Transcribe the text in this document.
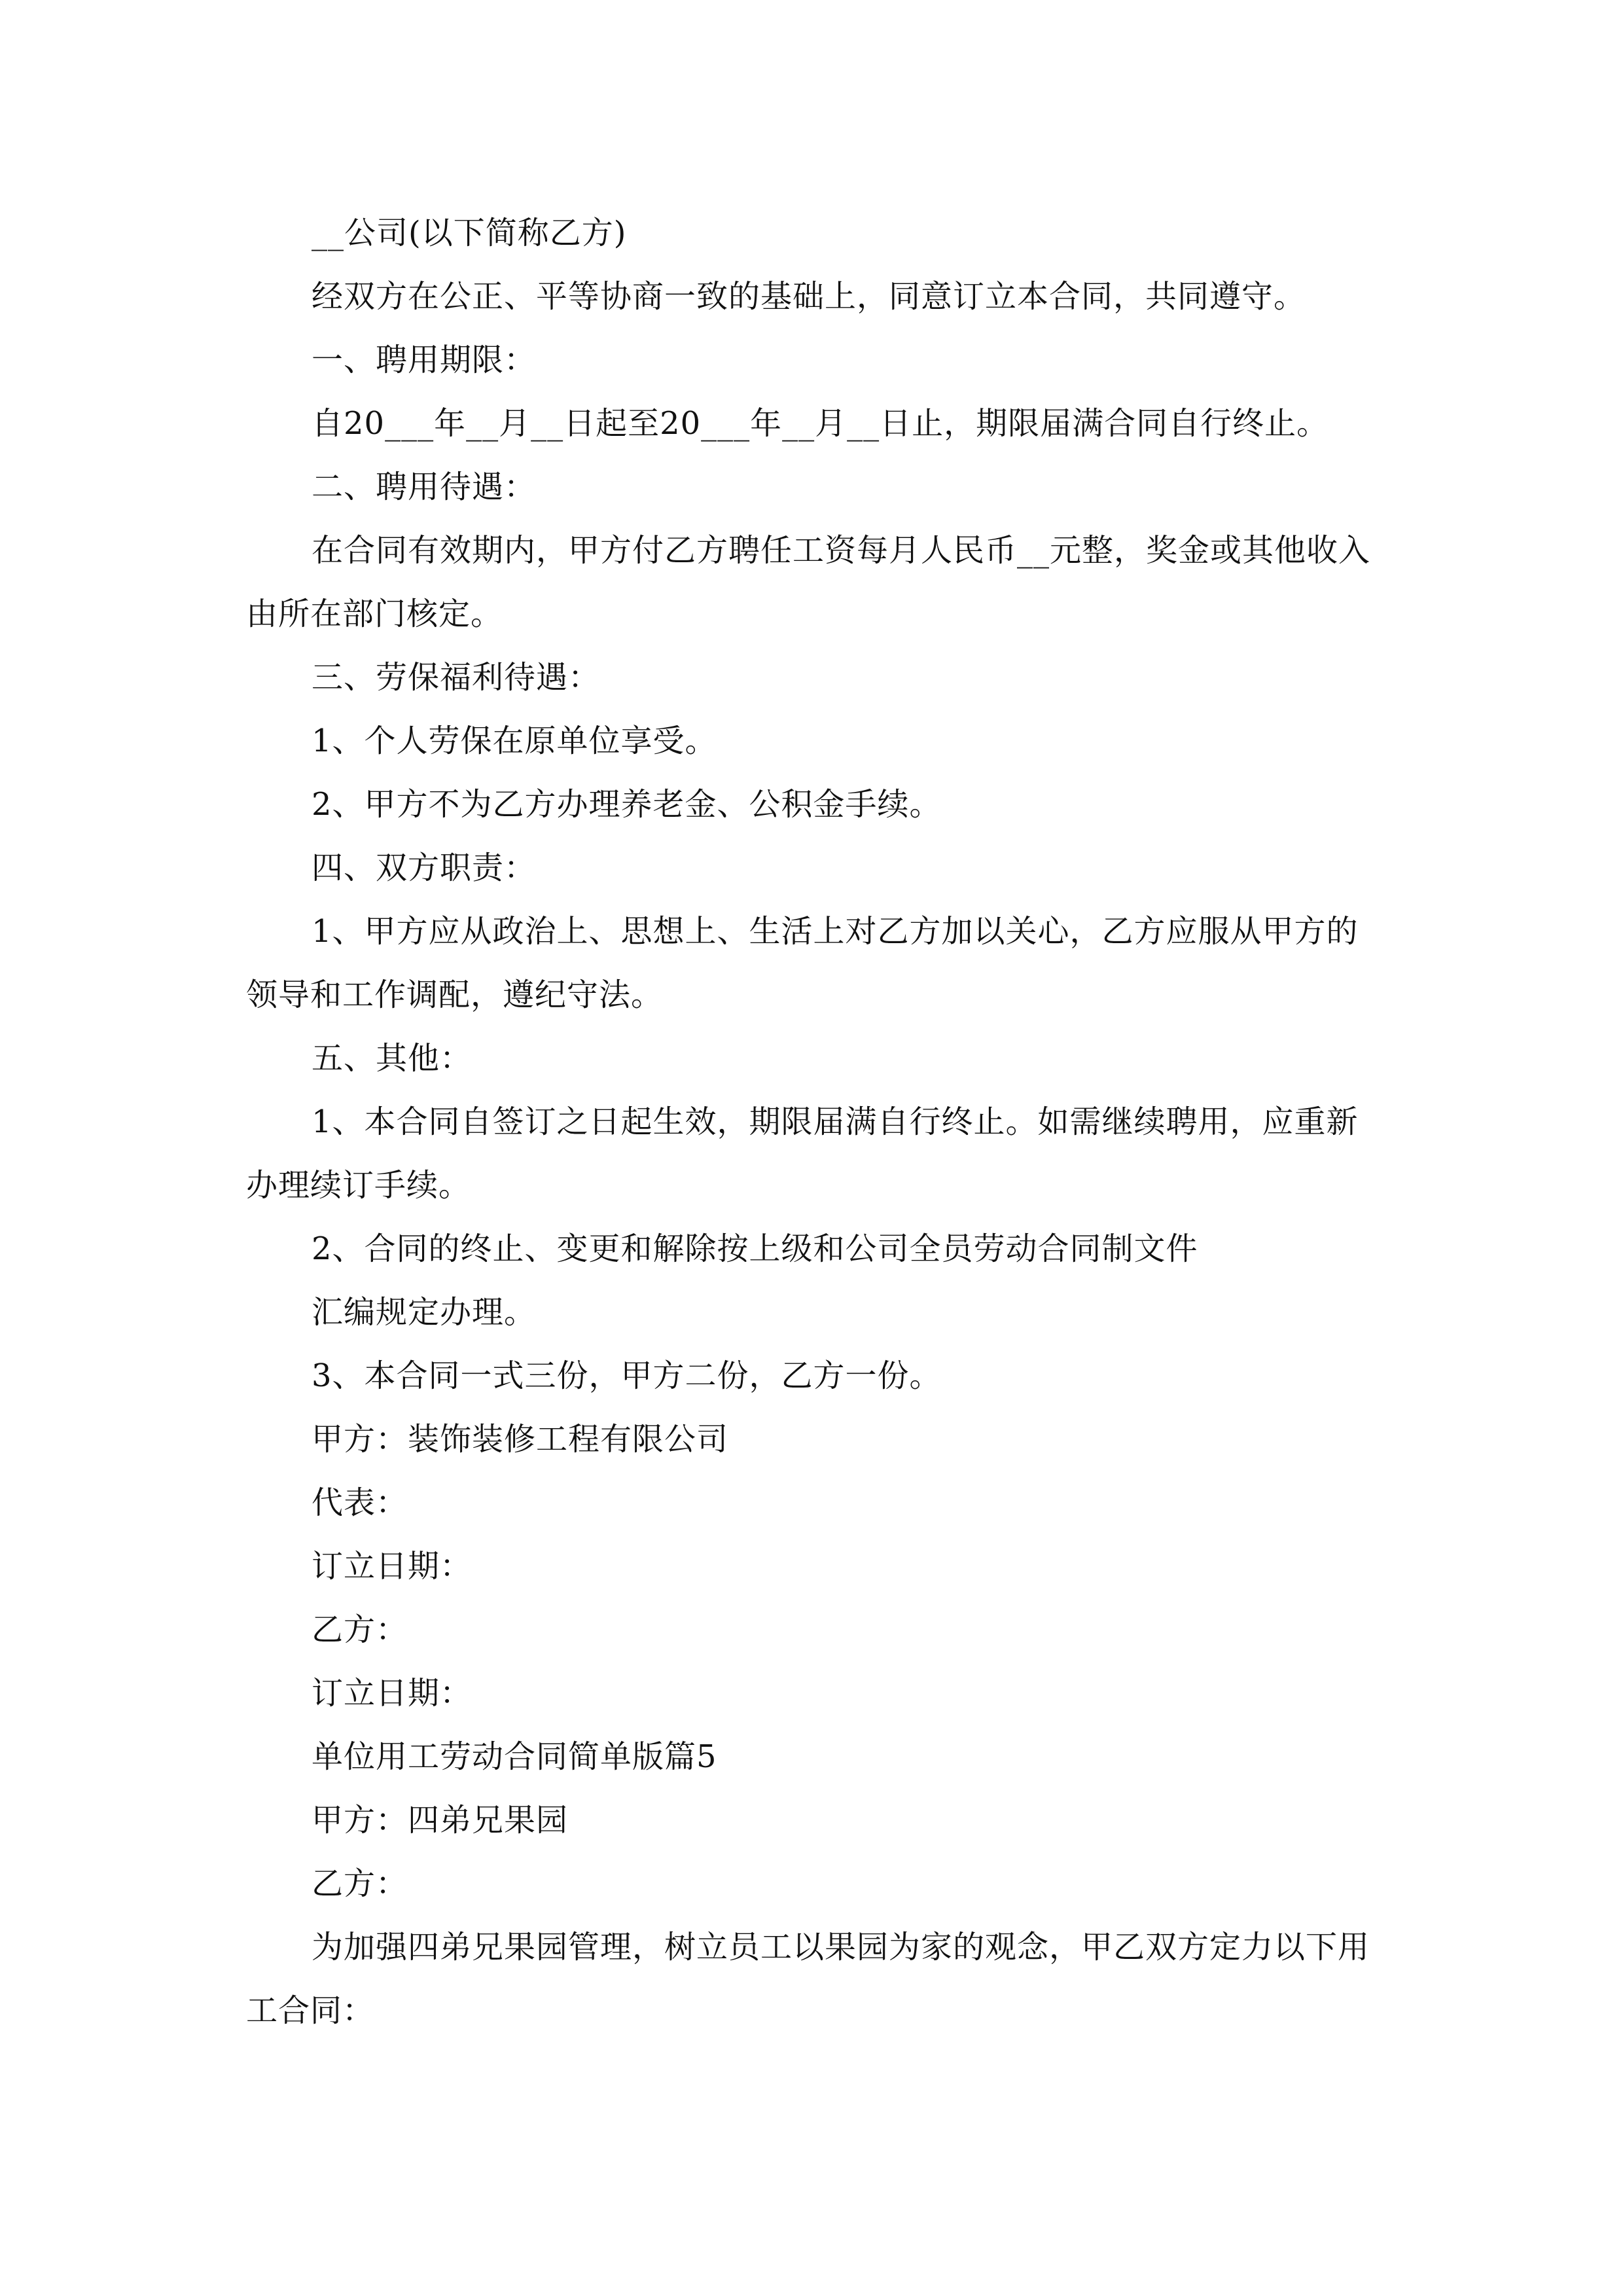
__公司(以下简称乙方)

经双方在公正、平等协商一致的基础上，同意订立本合同，共同遵守。

一、聘用期限：

自20___年__月__日起至20___年__月__日止，期限届满合同自行终止。

二、聘用待遇：

在合同有效期内，甲方付乙方聘任工资每月人民币__元整，奖金或其他收入由所在部门核定。

三、劳保福利待遇：

1、个人劳保在原单位享受。

2、甲方不为乙方办理养老金、公积金手续。

四、双方职责：

1、甲方应从政治上、思想上、生活上对乙方加以关心，乙方应服从甲方的领导和工作调配，遵纪守法。

五、其他：

1、本合同自签订之日起生效，期限届满自行终止。如需继续聘用，应重新办理续订手续。

2、合同的终止、变更和解除按上级和公司全员劳动合同制文件

汇编规定办理。

3、本合同一式三份，甲方二份，乙方一份。

甲方：装饰装修工程有限公司

代表：

订立日期：

乙方：

订立日期：

单位用工劳动合同简单版篇5

甲方：四弟兄果园

乙方：

为加强四弟兄果园管理，树立员工以果园为家的观念，甲乙双方定力以下用工合同：
